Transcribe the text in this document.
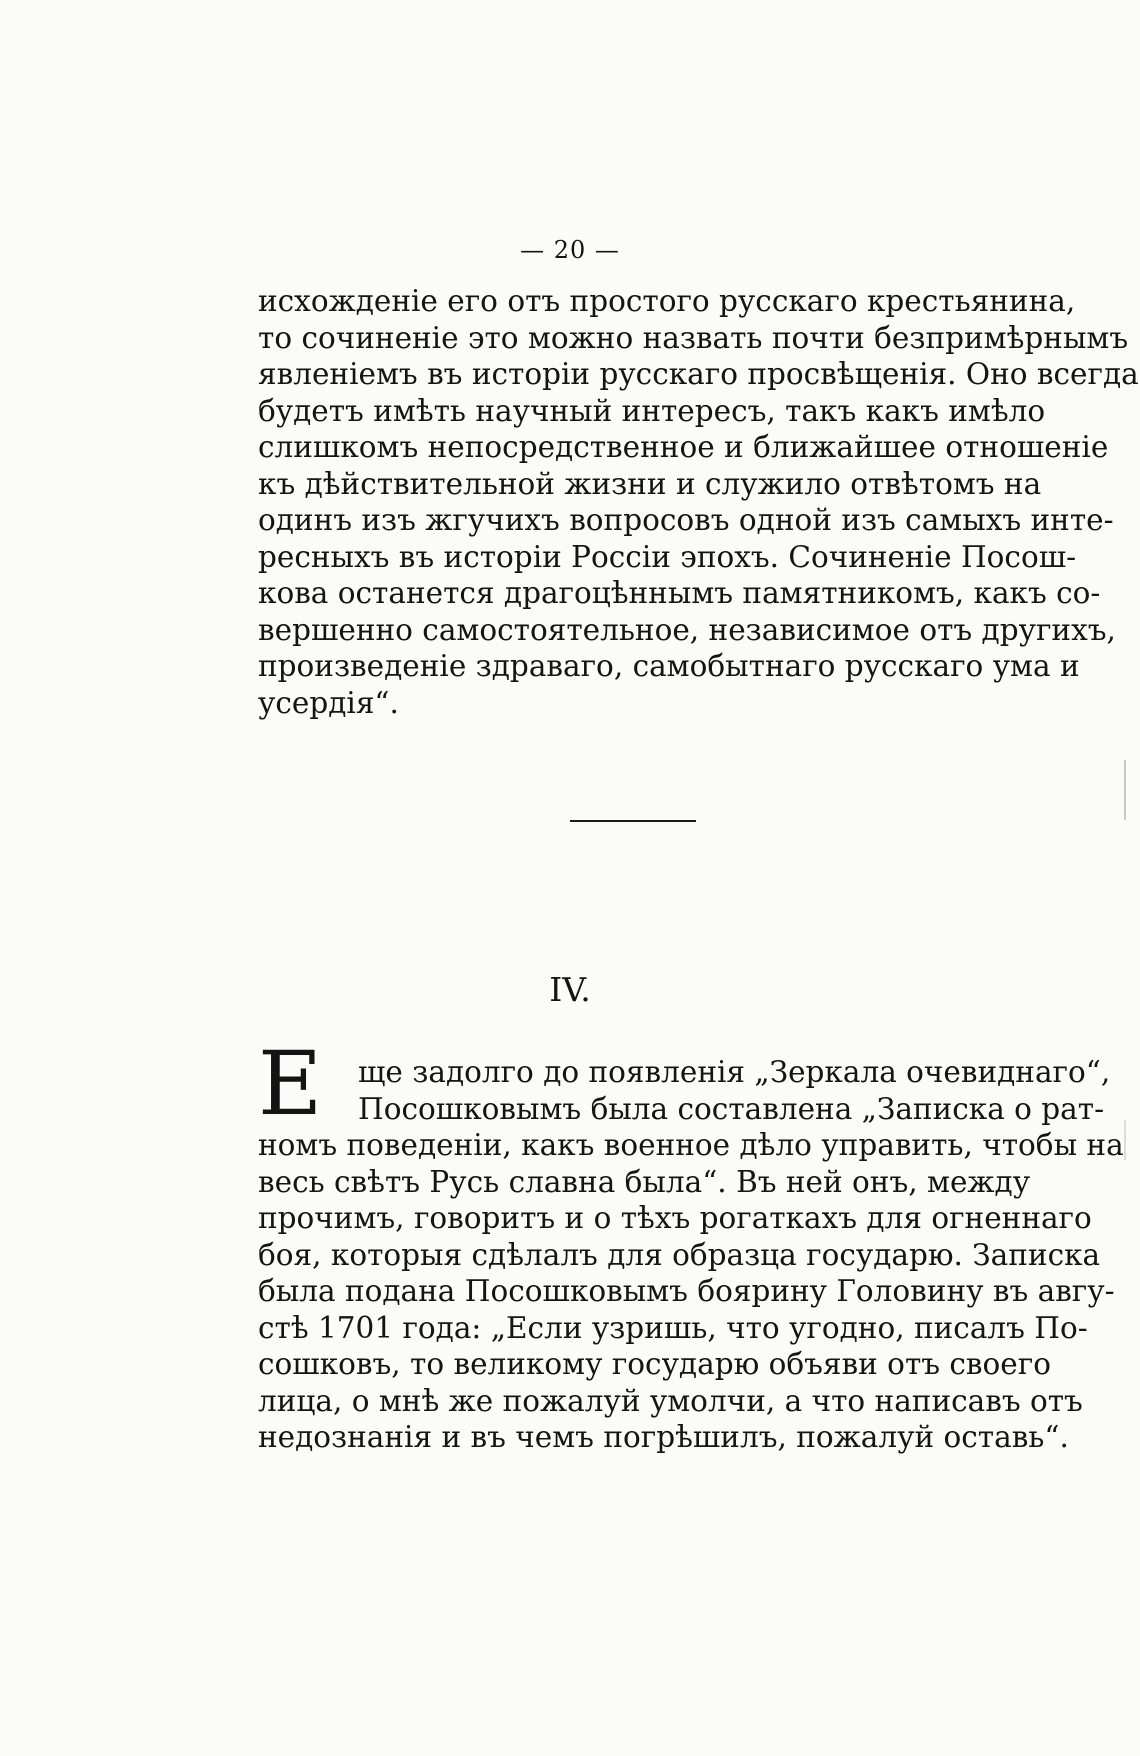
— 20 —
исхожденіе его отъ простого русскаго крестьянина,
то сочиненіе это можно назвать почти безпримѣрнымъ
явленіемъ въ исторіи русскаго просвѣщенія. Оно всегда
будетъ имѣть научный интересъ, такъ какъ имѣло
слишкомъ непосредственное и ближайшее отношеніе
къ дѣйствительной жизни и служило отвѣтомъ на
одинъ изъ жгучихъ вопросовъ одной изъ самыхъ инте-
ресныхъ въ исторіи Россіи эпохъ. Сочиненіе Посош-
кова останется драгоцѣннымъ памятникомъ, какъ со-
вершенно самостоятельное, независимое отъ другихъ,
произведеніе здраваго, самобытнаго русскаго ума и
усердія“.
IV.
Е	ще задолго до появленія „Зеркала очевиднаго“,
Посошковымъ была составлена „Записка о рат-
номъ поведеніи, какъ военное дѣло управить, чтобы на
весь свѣтъ Русь славна была“. Въ ней онъ, между
прочимъ, говоритъ и о тѣхъ рогаткахъ для огненнаго
боя, которыя сдѣлалъ для образца государю. Записка
была подана Посошковымъ боярину Головину въ авгу-
стѣ 1701 года: „Если узришь, что угодно, писалъ По-
сошковъ, то великому государю объяви отъ своего
лица, о мнѣ же пожалуй умолчи, а что написавъ отъ
недознанія и въ чемъ погрѣшилъ, пожалуй оставь“.
